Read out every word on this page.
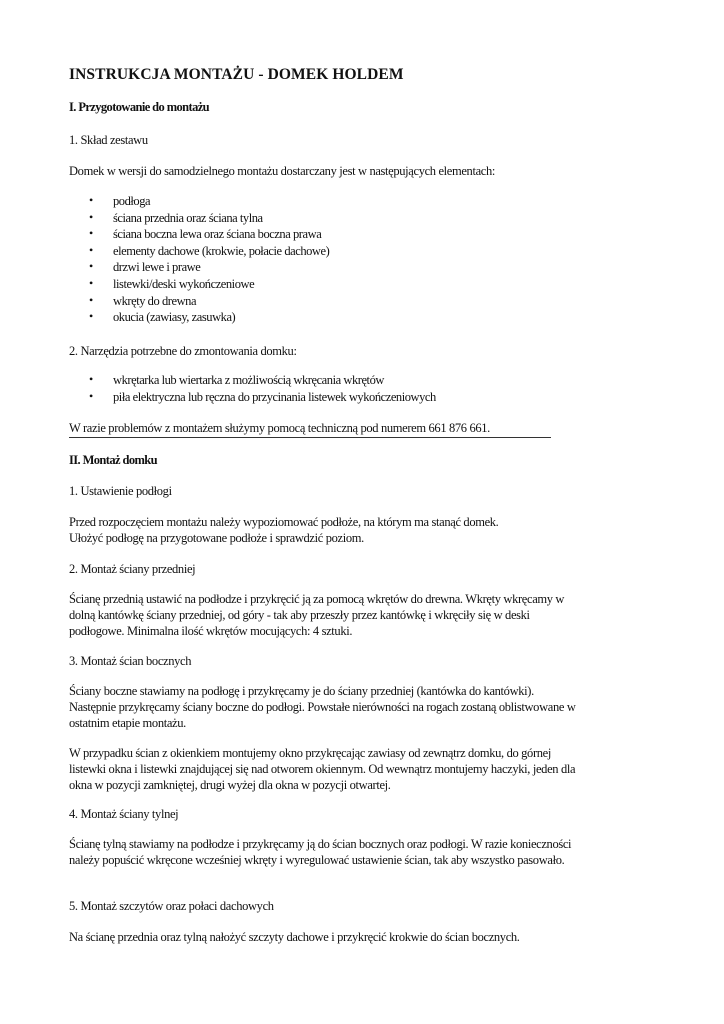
INSTRUKCJA MONTAŻU - DOMEK HOLDEM

I. Przygotowanie do montażu

1. Skład zestawu

Domek w wersji do samodzielnego montażu dostarczany jest w następujących elementach:

• podłoga
• ściana przednia oraz ściana tylna
• ściana boczna lewa oraz ściana boczna prawa
• elementy dachowe (krokwie, połacie dachowe)
• drzwi lewe i prawe
• listewki/deski wykończeniowe
• wkręty do drewna
• okucia (zawiasy, zasuwka)

2. Narzędzia potrzebne do zmontowania domku:

• wkrętarka lub wiertarka z możliwością wkręcania wkrętów
• piła elektryczna lub ręczna do przycinania listewek wykończeniowych

W razie problemów z montażem służymy pomocą techniczną pod numerem 661 876 661.

II. Montaż domku

1. Ustawienie podłogi

Przed rozpoczęciem montażu należy wypoziomować podłoże, na którym ma stanąć domek.

Ułożyć podłogę na przygotowane podłoże i sprawdzić poziom.

2. Montaż ściany przedniej

Ścianę przednią ustawić na podłodze i przykręcić ją za pomocą wkrętów do drewna. Wkręty wkręcamy w

dolną kantówkę ściany przedniej, od góry - tak aby przeszły przez kantówkę i wkręciły się w deski

podłogowe. Minimalna ilość wkrętów mocujących: 4 sztuki.

3. Montaż ścian bocznych

Ściany boczne stawiamy na podłogę i przykręcamy je do ściany przedniej (kantówka do kantówki).

Następnie przykręcamy ściany boczne do podłogi. Powstałe nierówności na rogach zostaną oblistwowane w

ostatnim etapie montażu.

W przypadku ścian z okienkiem montujemy okno przykręcając zawiasy od zewnątrz domku, do górnej

listewki okna i listewki znajdującej się nad otworem okiennym. Od wewnątrz montujemy haczyki, jeden dla

okna w pozycji zamkniętej, drugi wyżej dla okna w pozycji otwartej.

4. Montaż ściany tylnej

Ścianę tylną stawiamy na podłodze i przykręcamy ją do ścian bocznych oraz podłogi. W razie konieczności

należy popuścić wkręcone wcześniej wkręty i wyregulować ustawienie ścian, tak aby wszystko pasowało.

5. Montaż szczytów oraz połaci dachowych

Na ścianę przednia oraz tylną nałożyć szczyty dachowe i przykręcić krokwie do ścian bocznych.
